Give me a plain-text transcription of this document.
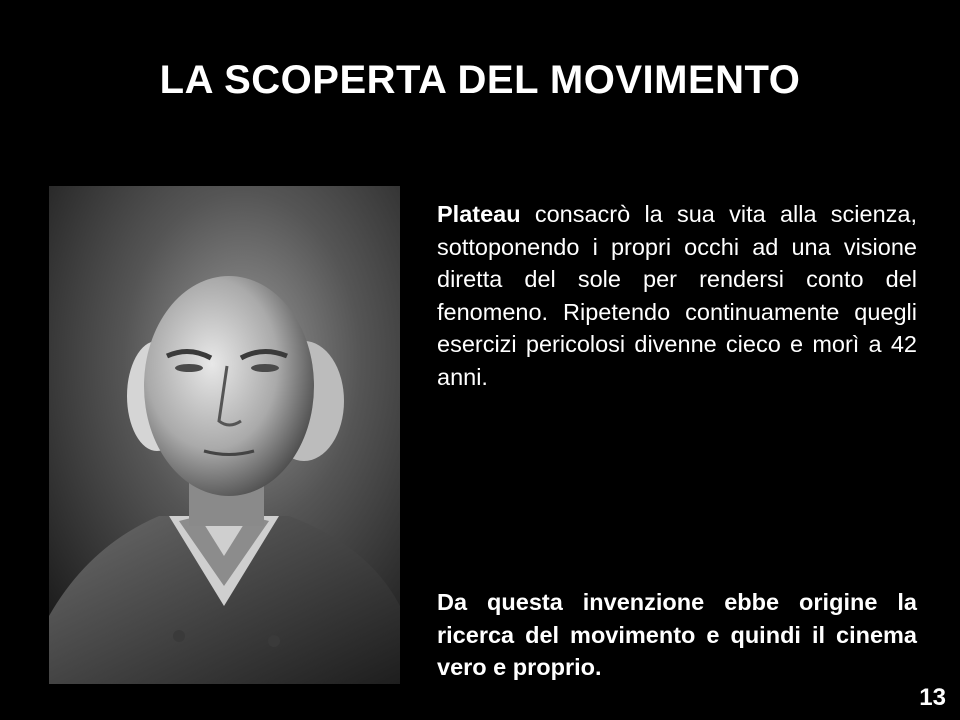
LA SCOPERTA DEL MOVIMENTO
Plateau consacrò la sua vita alla scienza, sottoponendo i propri occhi ad una visione diretta del sole per rendersi conto del fenomeno. Ripetendo continuamente quegli esercizi pericolosi divenne cieco e morì a 42 anni.
Da questa invenzione ebbe origine la ricerca del movimento e quindi il cinema vero e proprio.
13
